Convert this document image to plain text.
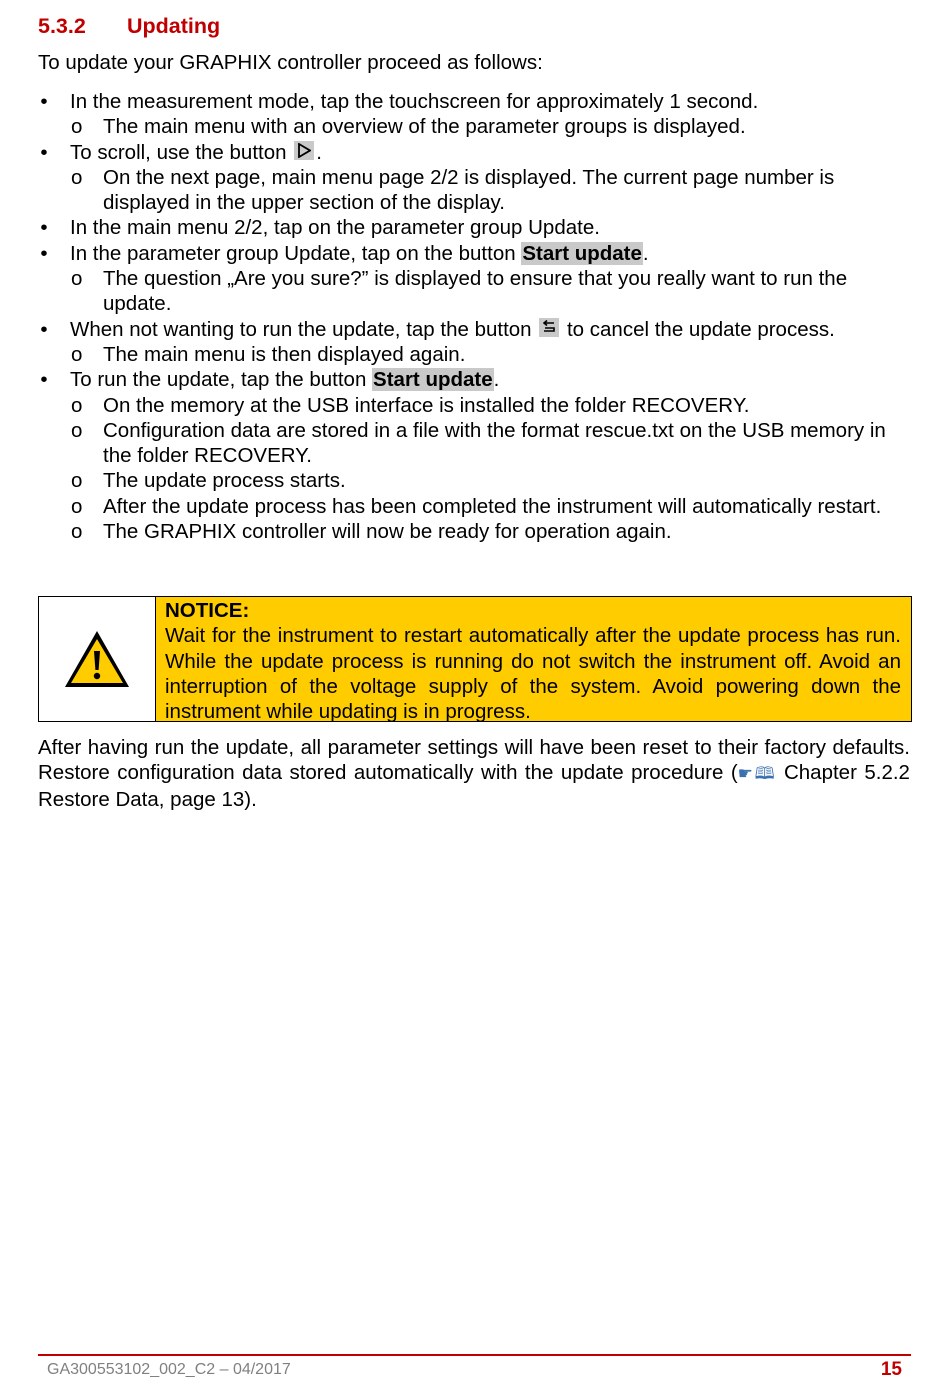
5.3.2 Updating

To update your GRAPHIX controller proceed as follows:

• In the measurement mode, tap the touchscreen for approximately 1 second.
o The main menu with an overview of the parameter groups is displayed.
• To scroll, use the button
.
o On the next page, main menu page 2/2 is displayed. The current page number is displayed in the upper section of the display.
• In the main menu 2/2, tap on the parameter group Update.
• In the parameter group Update, tap on the button Start update.
o The question „Are you sure?” is displayed to ensure that you really want to run the update.
• When not wanting to run the update, tap the button
to cancel the update process.
o The main menu is then displayed again.
• To run the update, tap the button Start update.
o On the memory at the USB interface is installed the folder RECOVERY.
o Configuration data are stored in a file with the format rescue.txt on the USB memory in the folder RECOVERY.
o The update process starts.
o After the update process has been completed the instrument will automatically restart.
o The GRAPHIX controller will now be ready for operation again.
NOTICE:
Wait for the instrument to restart automatically after the update process has run. While the update process is running do not switch the instrument off. Avoid an interruption of the voltage supply of the system. Avoid powering down the instrument while updating is in progress.

After having run the update, all parameter settings will have been reset to their factory defaults. Restore configuration data stored automatically with the update procedure (☛🕮 Chapter 5.2.2 Restore Data, page 13).

GA300553102_002_C2 – 04/2017	15
